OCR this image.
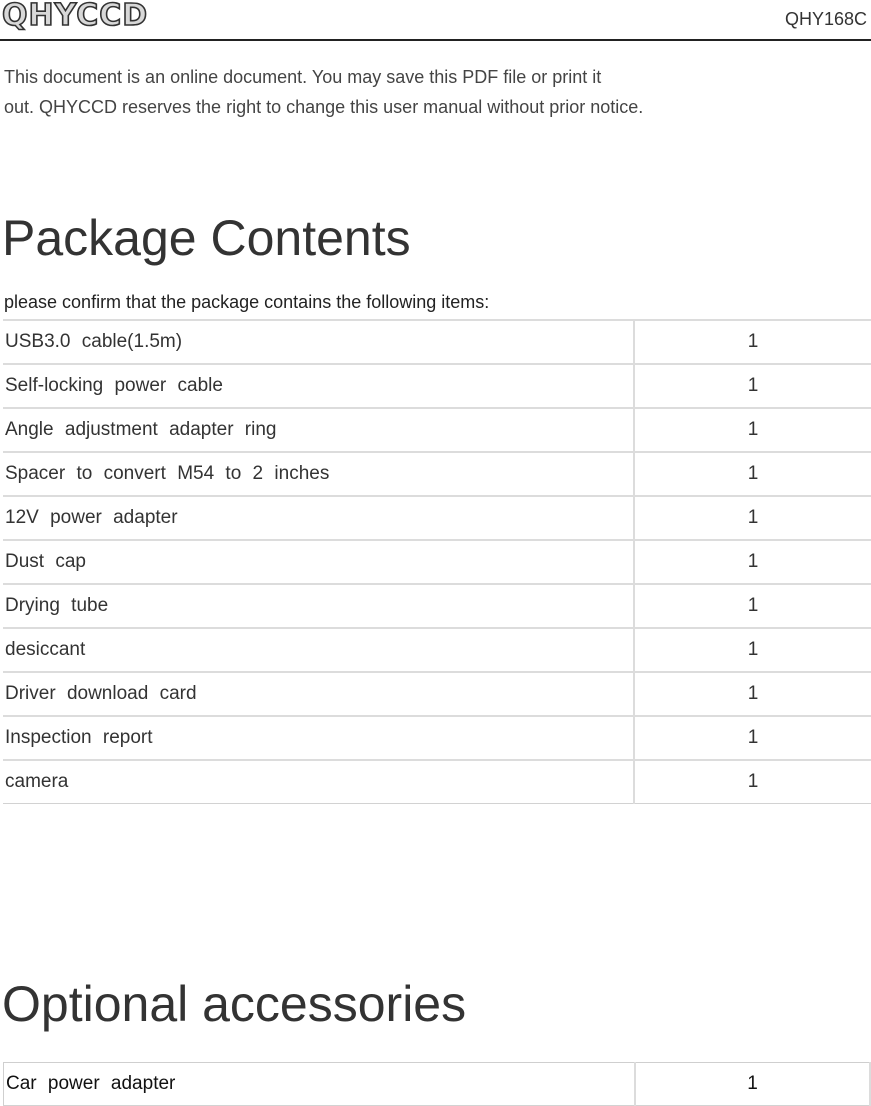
QHYCCD	QHY168C

This document is an online document. You may save this PDF file or print it

out. QHYCCD reserves the right to change this user manual without prior notice.

Package Contents
please confirm that the package contains the following items:
USB3.0 cable(1.5m)	1
Self-locking power cable	1
Angle adjustment adapter ring	1
Spacer to convert M54 to 2 inches	1
12V power adapter	1
Dust cap	1
Drying tube	1
desiccant	1
Driver download card	1
Inspection report	1
camera	1
Optional accessories
Car power adapter	1
